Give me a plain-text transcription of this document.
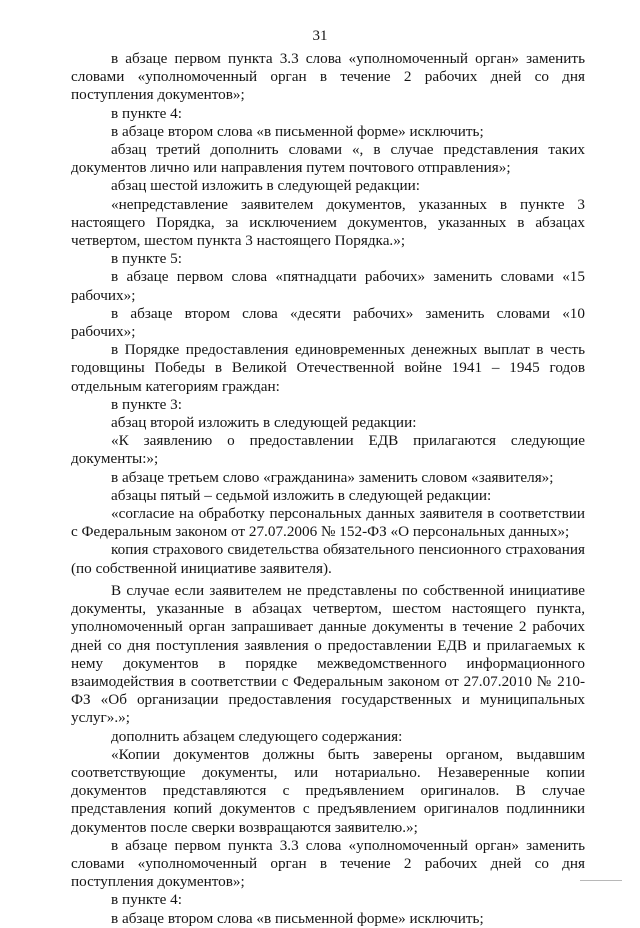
31

в абзаце первом пункта 3.3 слова «уполномоченный орган» заменить словами «уполномоченный орган в течение 2 рабочих дней со дня поступления документов»;

в пункте 4:

в абзаце втором слова «в письменной форме» исключить;

абзац третий дополнить словами «, в случае представления таких документов лично или направления путем почтового отправления»;

абзац шестой изложить в следующей редакции:

«непредставление заявителем документов, указанных в пункте 3 настоящего Порядка, за исключением документов, указанных в абзацах четвертом, шестом пункта 3 настоящего Порядка.»;

в пункте 5:

в абзаце первом слова «пятнадцати рабочих» заменить словами «15 рабочих»;

в абзаце втором слова «десяти рабочих» заменить словами «10 рабочих»;

в Порядке предоставления единовременных денежных выплат в честь годовщины Победы в Великой Отечественной войне 1941 – 1945 годов отдельным категориям граждан:

в пункте 3:

абзац второй изложить в следующей редакции:

«К заявлению о предоставлении ЕДВ прилагаются следующие документы:»;

в абзаце третьем слово «гражданина» заменить словом «заявителя»;

абзацы пятый – седьмой изложить в следующей редакции:

«согласие на обработку персональных данных заявителя в соответствии с Федеральным законом от 27.07.2006 № 152-ФЗ «О персональных данных»;

копия страхового свидетельства обязательного пенсионного страхования (по собственной инициативе заявителя).

В случае если заявителем не представлены по собственной инициативе документы, указанные в абзацах четвертом, шестом настоящего пункта, уполномоченный орган запрашивает данные документы в течение 2 рабочих дней со дня поступления заявления о предоставлении ЕДВ и прилагаемых к нему документов в порядке межведомственного информационного взаимодействия в соответствии с Федеральным законом от 27.07.2010 № 210-ФЗ «Об организации предоставления государственных и муниципальных услуг».»;

дополнить абзацем следующего содержания:

«Копии документов должны быть заверены органом, выдавшим соответствующие документы, или нотариально. Незаверенные копии документов представляются с предъявлением оригиналов. В случае представления копий документов с предъявлением оригиналов подлинники документов после сверки возвращаются заявителю.»;

в абзаце первом пункта 3.3 слова «уполномоченный орган» заменить словами «уполномоченный орган в течение 2 рабочих дней со дня поступления документов»;

в пункте 4:

в абзаце втором слова «в письменной форме» исключить;
